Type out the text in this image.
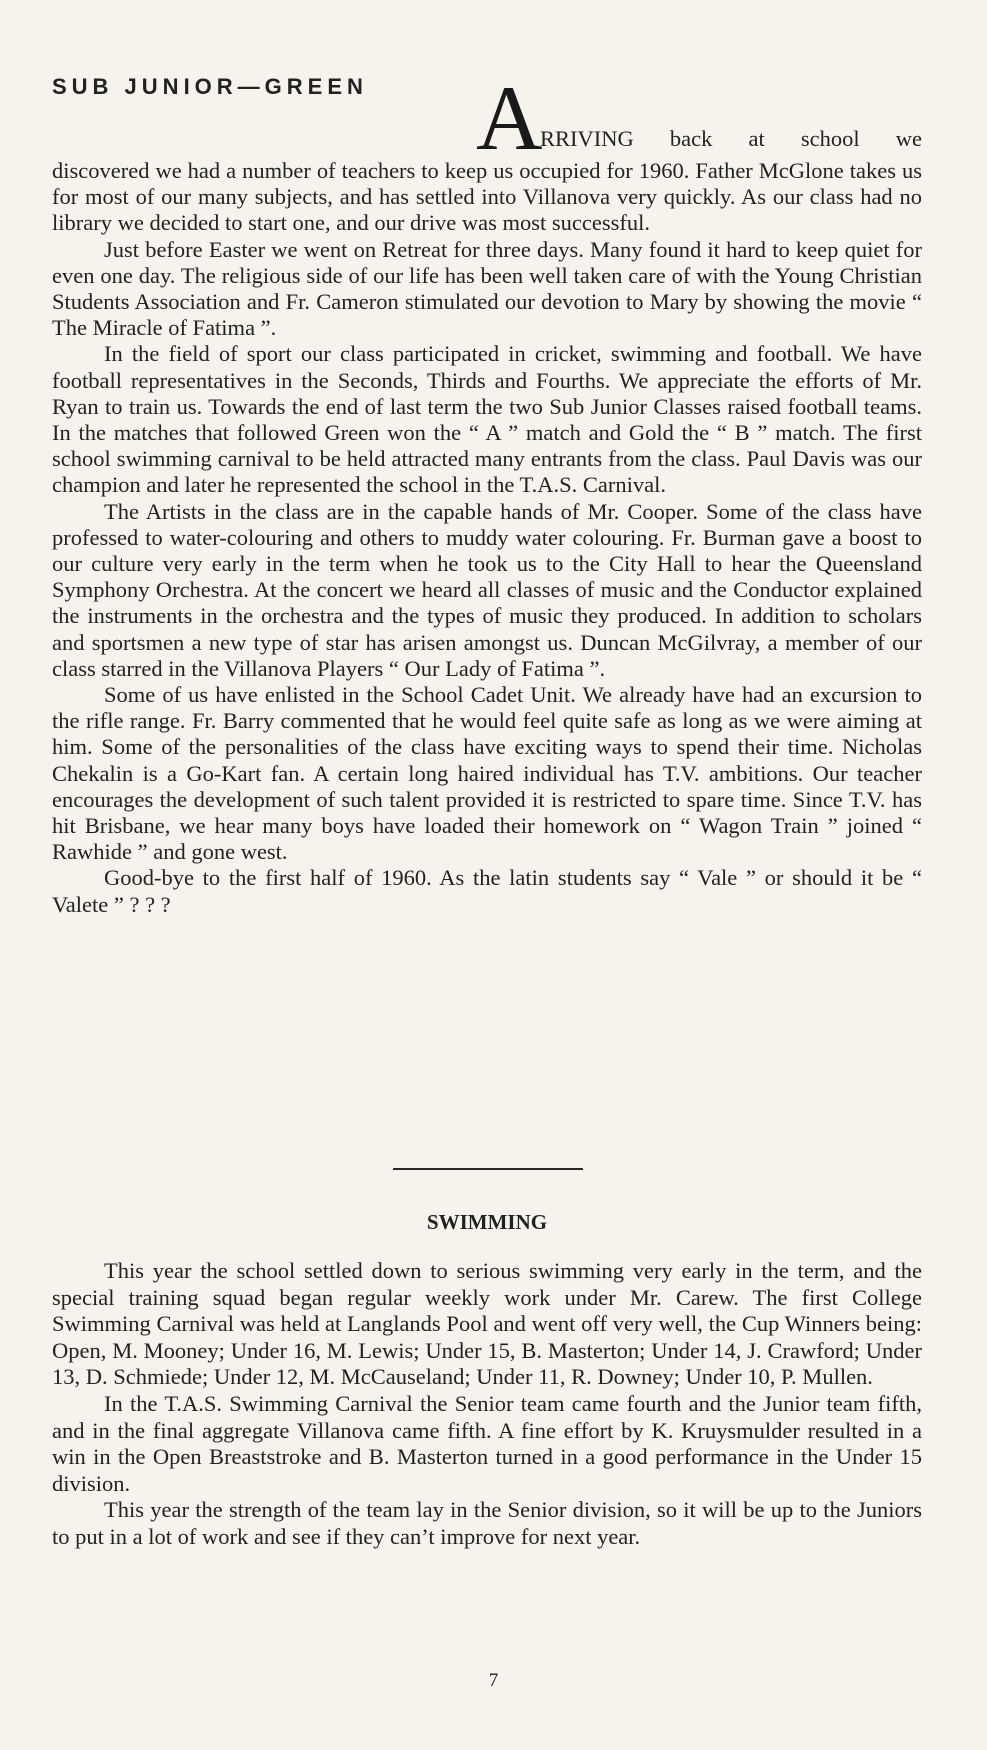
SUB JUNIOR—GREEN A
RRIVING back at school we

discovered we had a number of teachers to keep us occupied for 1960. Father McGlone takes us for most of our many subjects, and has settled into Villanova very quickly. As our class had no library we decided to start one, and our drive was most successful.

Just before Easter we went on Retreat for three days. Many found it hard to keep quiet for even one day. The religious side of our life has been well taken care of with the Young Christian Students Association and Fr. Cameron stimulated our devotion to Mary by showing the movie “ The Miracle of Fatima ”.

In the field of sport our class participated in cricket, swimming and football. We have football representatives in the Seconds, Thirds and Fourths. We appreciate the efforts of Mr. Ryan to train us. Towards the end of last term the two Sub Junior Classes raised football teams. In the matches that followed Green won the “ A ” match and Gold the “ B ” match. The first school swimming carnival to be held attracted many entrants from the class. Paul Davis was our champion and later he represented the school in the T.A.S. Carnival.

The Artists in the class are in the capable hands of Mr. Cooper. Some of the class have professed to water-colouring and others to muddy water colouring. Fr. Burman gave a boost to our culture very early in the term when he took us to the City Hall to hear the Queensland Symphony Orchestra. At the concert we heard all classes of music and the Conductor explained the instruments in the orchestra and the types of music they produced. In addition to scholars and sportsmen a new type of star has arisen amongst us. Duncan McGilvray, a member of our class starred in the Villanova Players “ Our Lady of Fatima ”.

Some of us have enlisted in the School Cadet Unit. We already have had an excursion to the rifle range. Fr. Barry commented that he would feel quite safe as long as we were aiming at him. Some of the personalities of the class have exciting ways to spend their time. Nicholas Chekalin is a Go-Kart fan. A certain long haired individual has T.V. ambitions. Our teacher encourages the development of such talent provided it is restricted to spare time. Since T.V. has hit Brisbane, we hear many boys have loaded their homework on “ Wagon Train ” joined “ Rawhide ” and gone west.

Good-bye to the first half of 1960. As the latin students say “ Vale ” or should it be “ Valete ” ? ? ?

SWIMMING

This year the school settled down to serious swimming very early in the term, and the special training squad began regular weekly work under Mr. Carew. The first College Swimming Carnival was held at Langlands Pool and went off very well, the Cup Winners being: Open, M. Mooney; Under 16, M. Lewis; Under 15, B. Masterton; Under 14, J. Crawford; Under 13, D. Schmiede; Under 12, M. McCauseland; Under 11, R. Downey; Under 10, P. Mullen.

In the T.A.S. Swimming Carnival the Senior team came fourth and the Junior team fifth, and in the final aggregate Villanova came fifth. A fine effort by K. Kruysmulder resulted in a win in the Open Breaststroke and B. Masterton turned in a good performance in the Under 15 division.

This year the strength of the team lay in the Senior division, so it will be up to the Juniors to put in a lot of work and see if they can’t improve for next year.

7
